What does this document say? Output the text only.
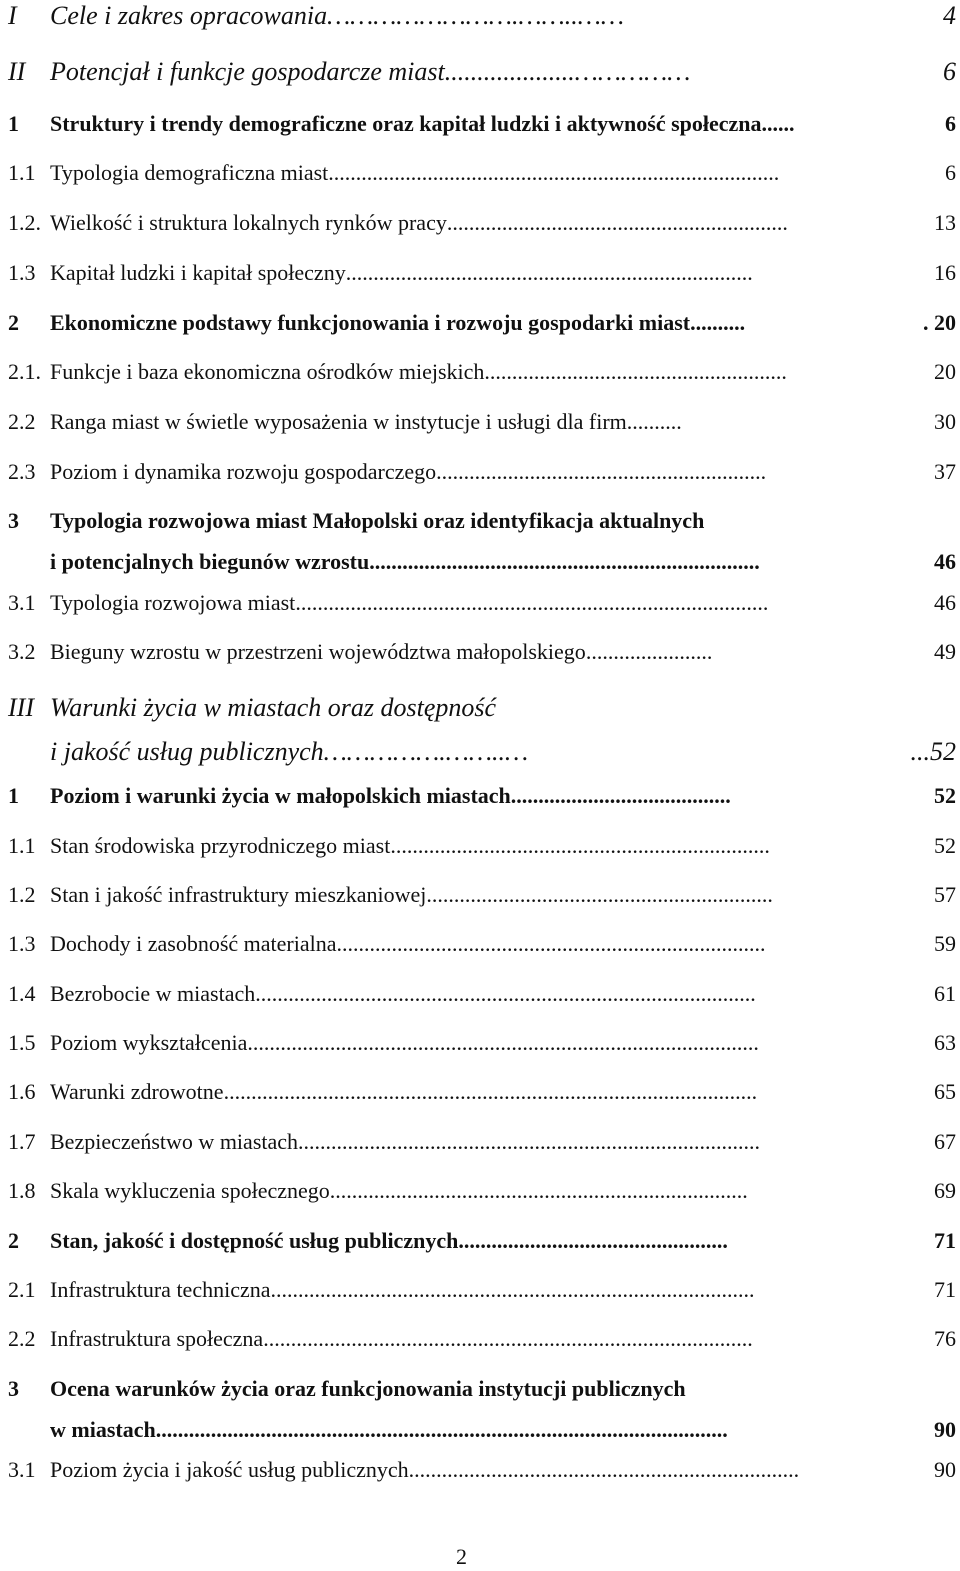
I	Cele i zakres opracowania …………………….……..……	4
II Potencjał i funkcje gospodarcze miast. ...................……………	6
1	Struktury i trendy demograficzne oraz kapitał ludzki i aktywność społeczna ......	6
1.1 Typologia demograficzna miast ..................................................................................	6
1.2. Wielkość i struktura lokalnych rynków pracy ..............................................................	13
1.3 Kapitał ludzki i kapitał społeczny ..........................................................................	16
2	Ekonomiczne podstawy funkcjonowania i rozwoju gospodarki miast ..........	. 20
2.1. Funkcje i baza ekonomiczna ośrodków miejskich .......................................................	20
2.2 Ranga miast w świetle wyposażenia w instytucje i usługi dla firm ..........	30
2.3 Poziom i dynamika rozwoju gospodarczego ............................................................	37
3	Typologia rozwojowa miast Małopolski oraz identyfikacja aktualnych
i potencjalnych biegunów wzrostu .......................................................................	46
3.1 Typologia rozwojowa miast ......................................................................................	46
3.2 Bieguny wzrostu w przestrzeni województwa małopolskiego .......................	49
III Warunki życia w miastach oraz dostępność
i jakość usług publicznych …………….……..…	...52
1	Poziom i warunki życia w małopolskich miastach ........................................	52
1.1 Stan środowiska przyrodniczego miast .....................................................................	52
1.2 Stan i jakość infrastruktury mieszkaniowej ...............................................................	57
1.3 Dochody i zasobność materialna ..............................................................................	59
1.4 Bezrobocie w miastach ...........................................................................................	61
1.5 Poziom wykształcenia .............................................................................................	63
1.6 Warunki zdrowotne .................................................................................................	65
1.7 Bezpieczeństwo w miastach ....................................................................................	67
1.8 Skala wykluczenia społecznego ............................................................................	69
2	Stan, jakość i dostępność usług publicznych .................................................	71
2.1 Infrastruktura techniczna ........................................................................................	71
2.2 Infrastruktura społeczna .........................................................................................	76
3	Ocena warunków życia oraz funkcjonowania instytucji publicznych
w miastach ........................................................................................................	90
3.1 Poziom życia i jakość usług publicznych .......................................................................	90
2
